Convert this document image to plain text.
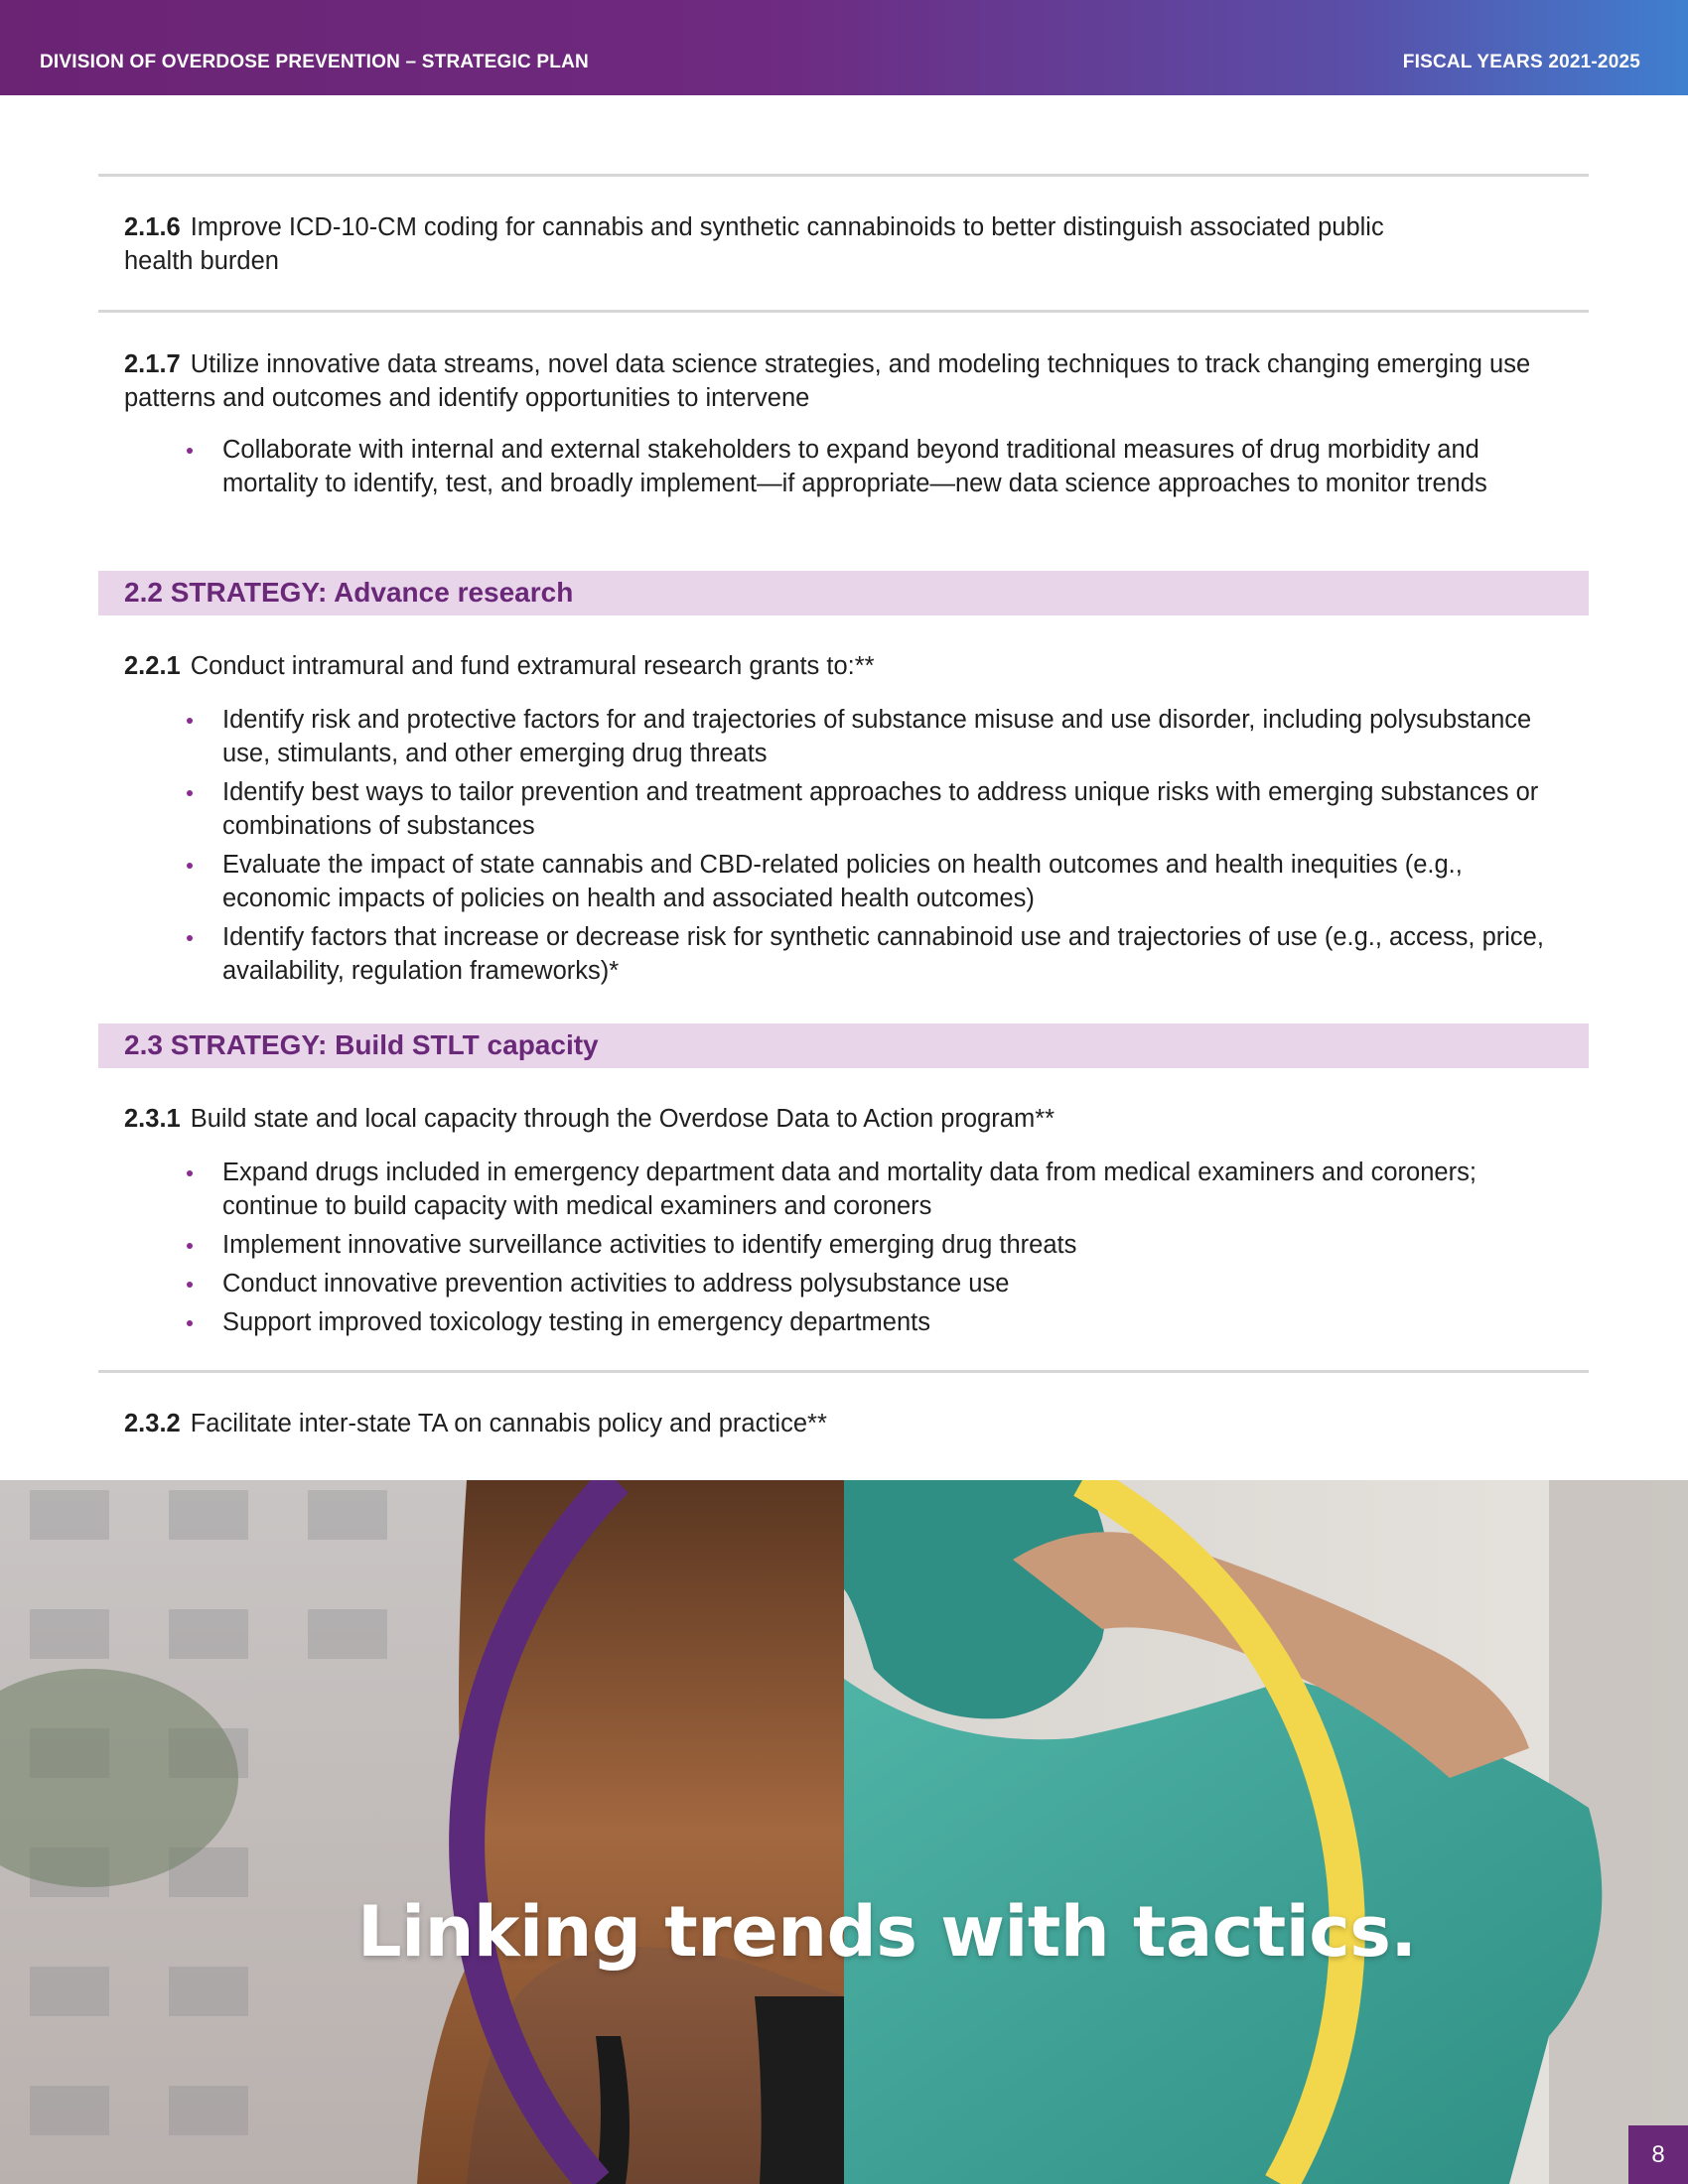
DIVISION OF OVERDOSE PREVENTION – STRATEGIC PLAN	FISCAL YEARS 2021-2025
2.1.6 Improve ICD-10-CM coding for cannabis and synthetic cannabinoids to better distinguish associated public health burden
2.1.7 Utilize innovative data streams, novel data science strategies, and modeling techniques to track changing emerging use patterns and outcomes and identify opportunities to intervene
Collaborate with internal and external stakeholders to expand beyond traditional measures of drug morbidity and mortality to identify, test, and broadly implement—if appropriate—new data science approaches to monitor trends
2.2 STRATEGY: Advance research
2.2.1 Conduct intramural and fund extramural research grants to:**
Identify risk and protective factors for and trajectories of substance misuse and use disorder, including polysubstance use, stimulants, and other emerging drug threats
Identify best ways to tailor prevention and treatment approaches to address unique risks with emerging substances or combinations of substances
Evaluate the impact of state cannabis and CBD-related policies on health outcomes and health inequities (e.g., economic impacts of policies on health and associated health outcomes)
Identify factors that increase or decrease risk for synthetic cannabinoid use and trajectories of use (e.g., access, price, availability, regulation frameworks)*
2.3 STRATEGY: Build STLT capacity
2.3.1 Build state and local capacity through the Overdose Data to Action program**
Expand drugs included in emergency department data and mortality data from medical examiners and coroners; continue to build capacity with medical examiners and coroners
Implement innovative surveillance activities to identify emerging drug threats
Conduct innovative prevention activities to address polysubstance use
Support improved toxicology testing in emergency departments
2.3.2 Facilitate inter-state TA on cannabis policy and practice**
Linking trends with tactics.
8
